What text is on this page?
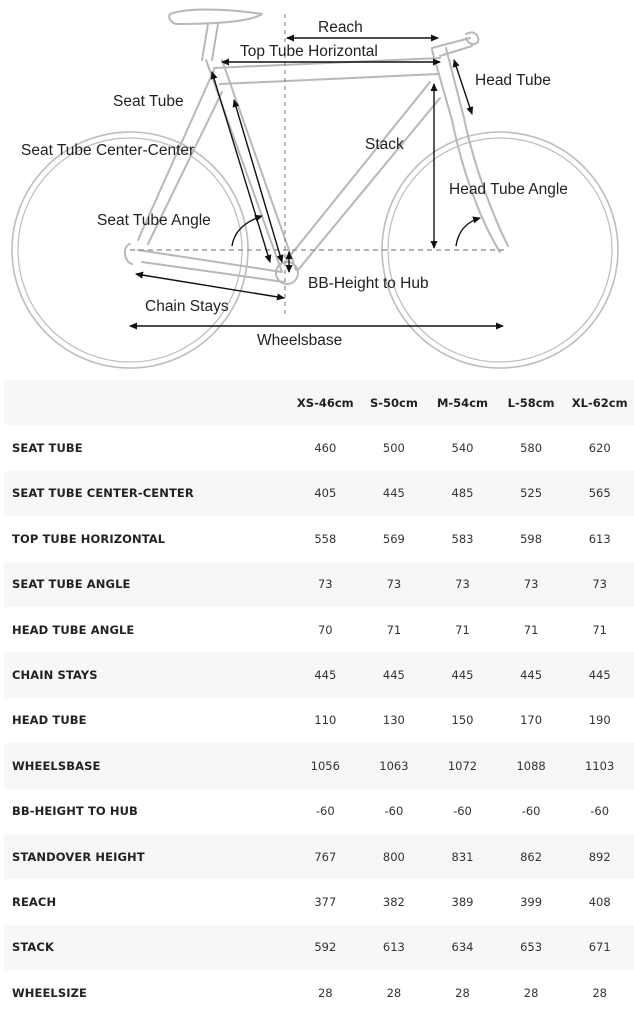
Reach
Top Tube Horizontal
Head Tube
Seat Tube
Stack
Seat Tube Center-Center
Head Tube Angle
Seat Tube Angle
BB-Height to Hub
Chain Stays
Wheelsbase
	XS-46cm	S-50cm	M-54cm	L-58cm	XL-62cm
SEAT TUBE	460	500	540	580	620
SEAT TUBE CENTER-CENTER	405	445	485	525	565
TOP TUBE HORIZONTAL	558	569	583	598	613
SEAT TUBE ANGLE	73	73	73	73	73
HEAD TUBE ANGLE	70	71	71	71	71
CHAIN STAYS	445	445	445	445	445
HEAD TUBE	110	130	150	170	190
WHEELSBASE	1056	1063	1072	1088	1103
BB-HEIGHT TO HUB	-60	-60	-60	-60	-60
STANDOVER HEIGHT	767	800	831	862	892
REACH	377	382	389	399	408
STACK	592	613	634	653	671
WHEELSIZE	28	28	28	28	28
